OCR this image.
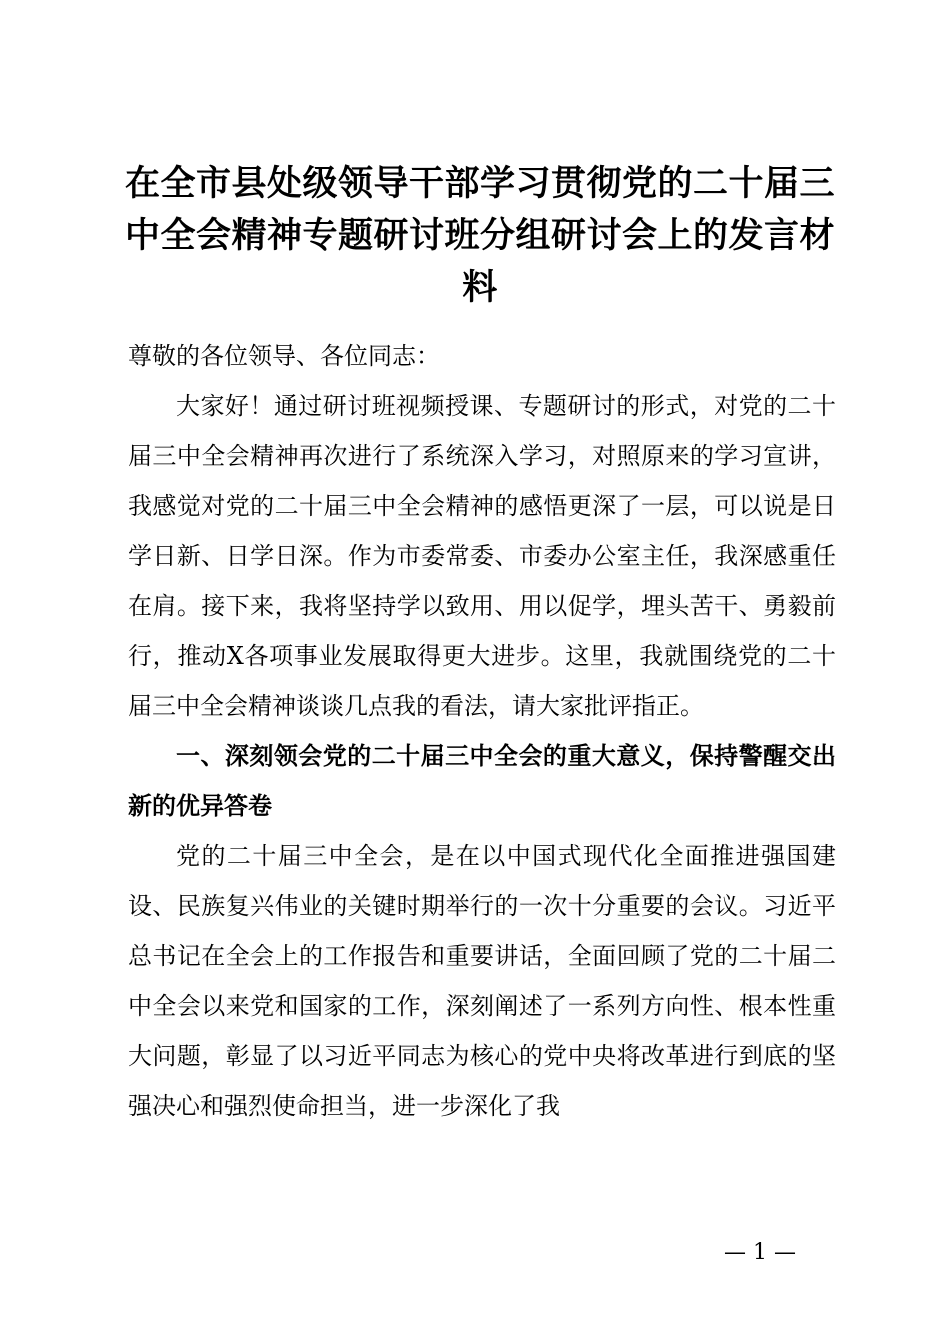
在全市县处级领导干部学习贯彻党的二十届三中全会精神专题研讨班分组研讨会上的发言材料

尊敬的各位领导、各位同志：

大家好！通过研讨班视频授课、专题研讨的形式，对党的二十届三中全会精神再次进行了系统深入学习，对照原来的学习宣讲，我感觉对党的二十届三中全会精神的感悟更深了一层，可以说是日学日新、日学日深。作为市委常委、市委办公室主任，我深感重任在肩。接下来，我将坚持学以致用、用以促学，埋头苦干、勇毅前行，推动X各项事业发展取得更大进步。这里，我就围绕党的二十届三中全会精神谈谈几点我的看法，请大家批评指正。

一、深刻领会党的二十届三中全会的重大意义，保持警醒交出新的优异答卷

党的二十届三中全会，是在以中国式现代化全面推进强国建设、民族复兴伟业的关键时期举行的一次十分重要的会议。习近平总书记在全会上的工作报告和重要讲话，全面回顾了党的二十届二中全会以来党和国家的工作，深刻阐述了一系列方向性、根本性重大问题，彰显了以习近平同志为核心的党中央将改革进行到底的坚强决心和强烈使命担当，进一步深化了我

— 1 —
